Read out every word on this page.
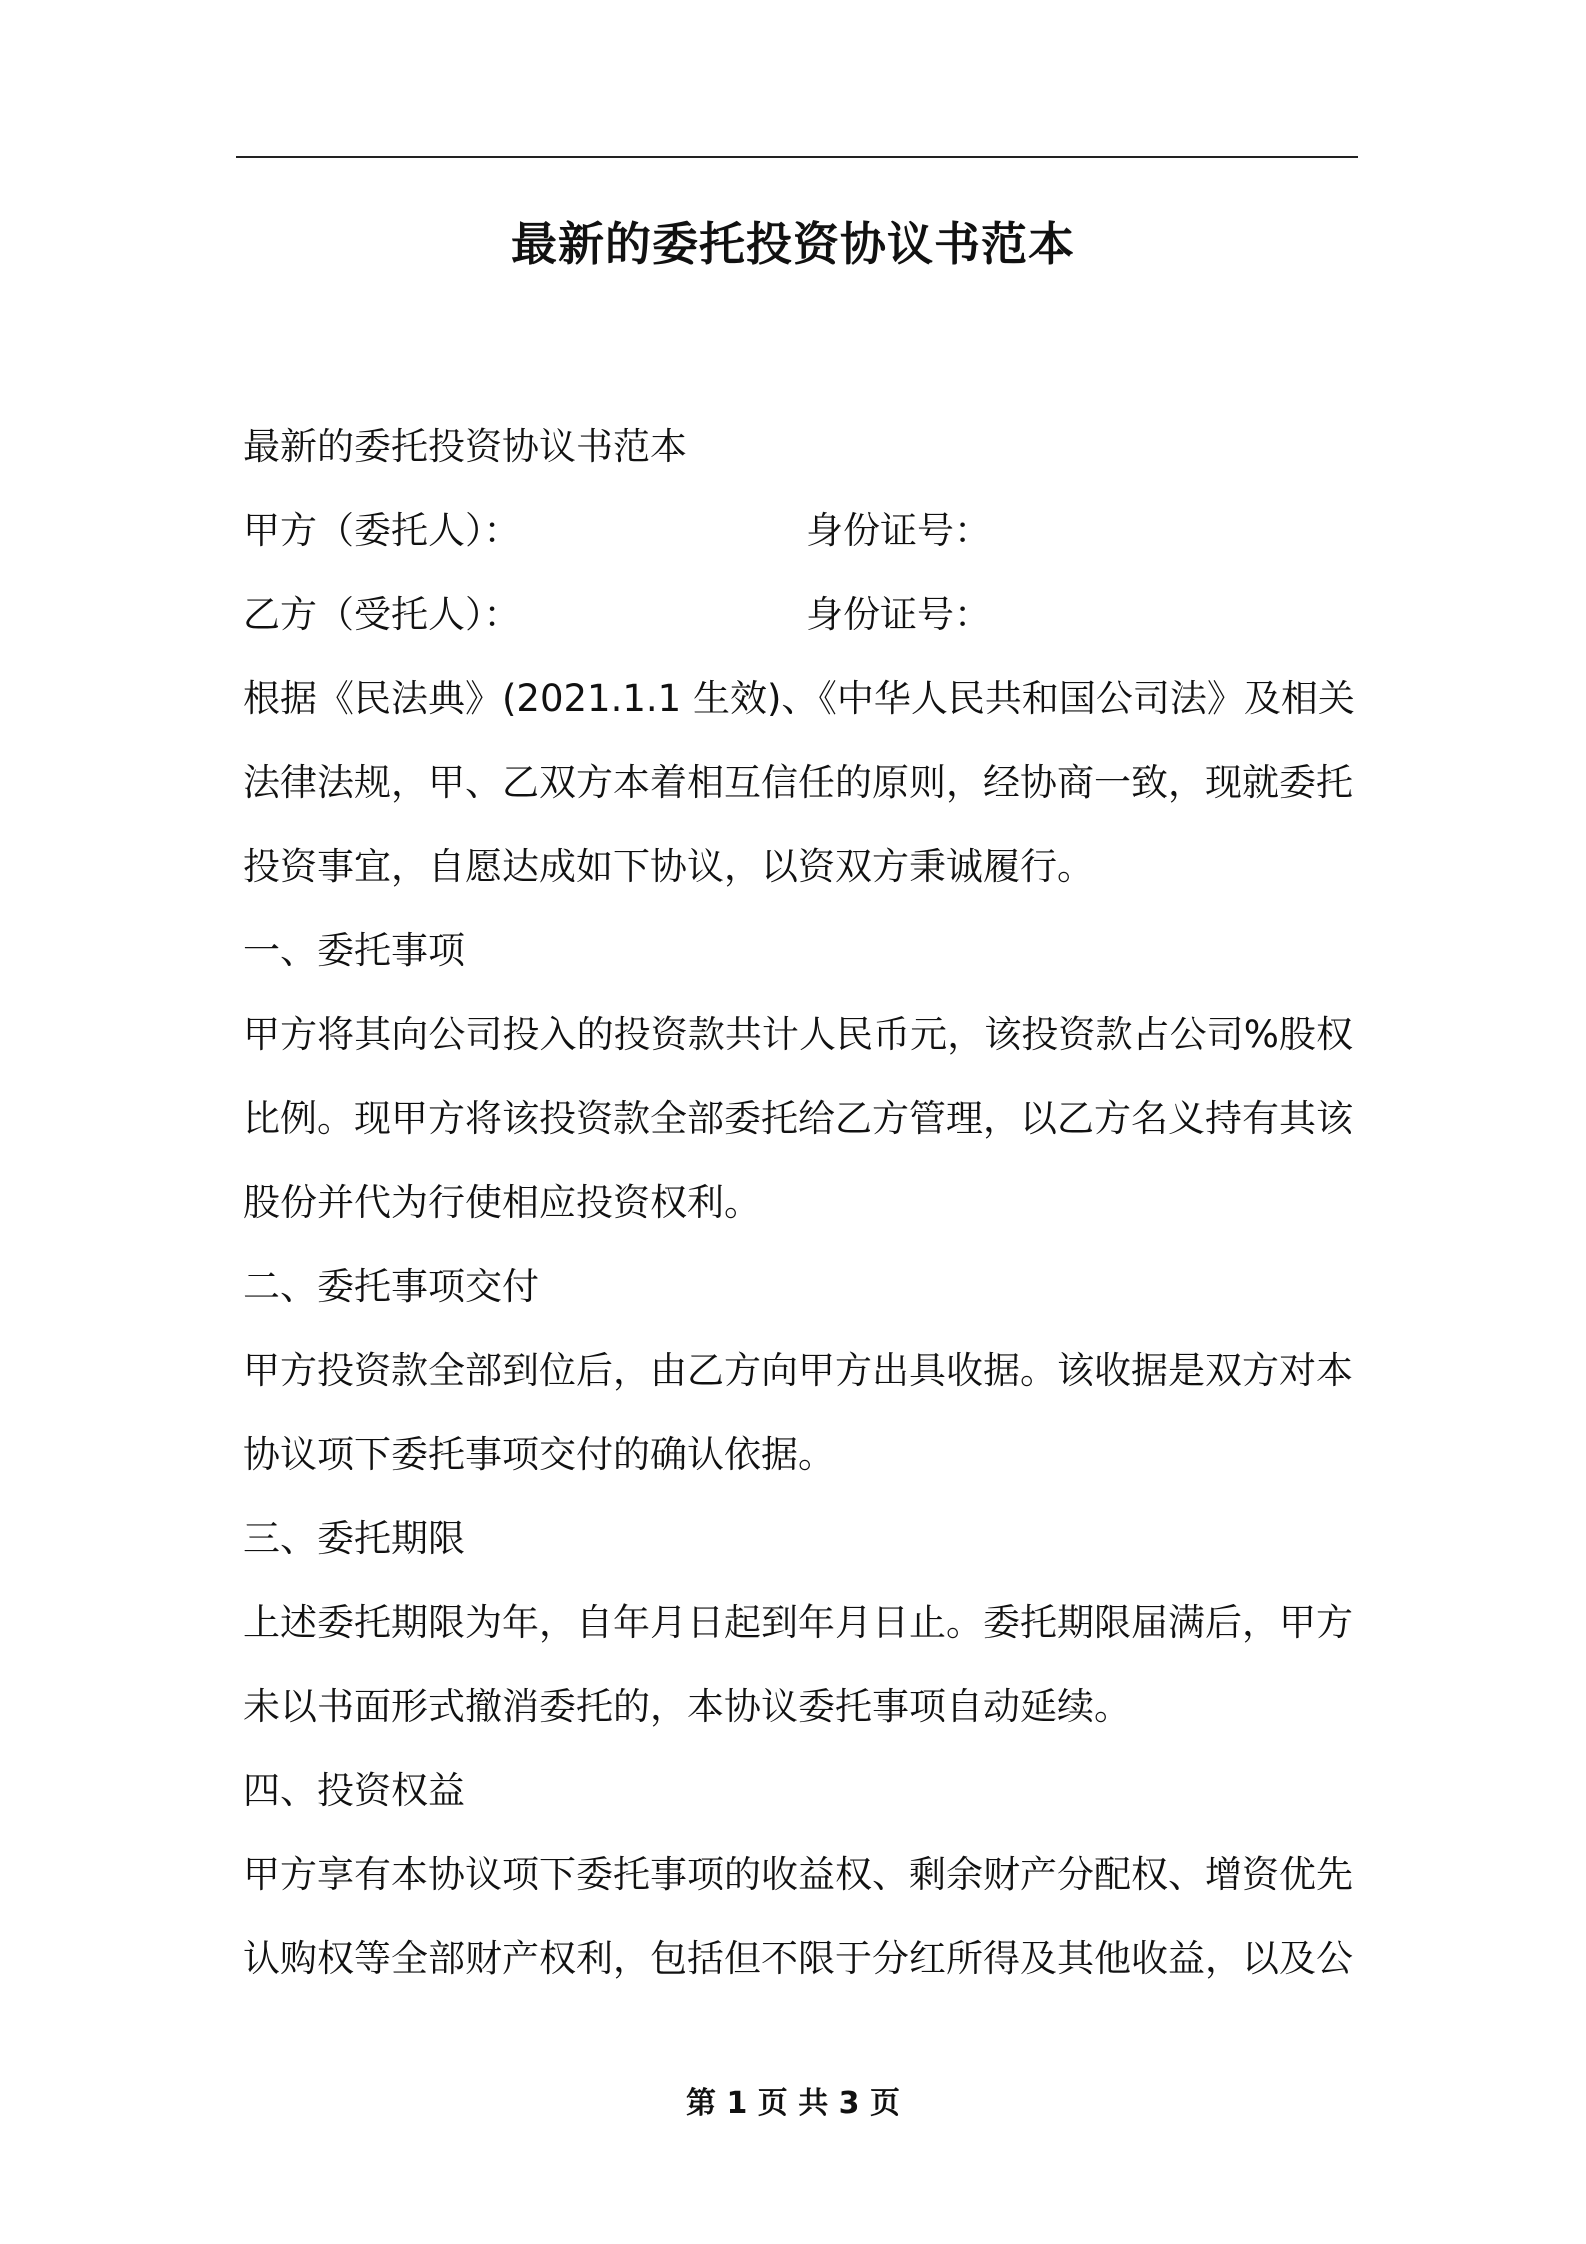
最新的委托投资协议书范本
最新的委托投资协议书范本
甲方（委托人）：	身份证号：
乙方（受托人）：	身份证号：
根据《民法典》(2021.1.1 生效)、《中华人民共和国公司法》及相关
法律法规，甲、乙双方本着相互信任的原则，经协商一致，现就委托
投资事宜，自愿达成如下协议，以资双方秉诚履行。
一、委托事项
甲方将其向公司投入的投资款共计人民币元，该投资款占公司%股权
比例。现甲方将该投资款全部委托给乙方管理，以乙方名义持有其该
股份并代为行使相应投资权利。
二、委托事项交付
甲方投资款全部到位后，由乙方向甲方出具收据。该收据是双方对本
协议项下委托事项交付的确认依据。
三、委托期限
上述委托期限为年，自年月日起到年月日止。委托期限届满后，甲方
未以书面形式撤消委托的，本协议委托事项自动延续。
四、投资权益
甲方享有本协议项下委托事项的收益权、剩余财产分配权、增资优先
认购权等全部财产权利，包括但不限于分红所得及其他收益，以及公
第 1 页 共 3 页
